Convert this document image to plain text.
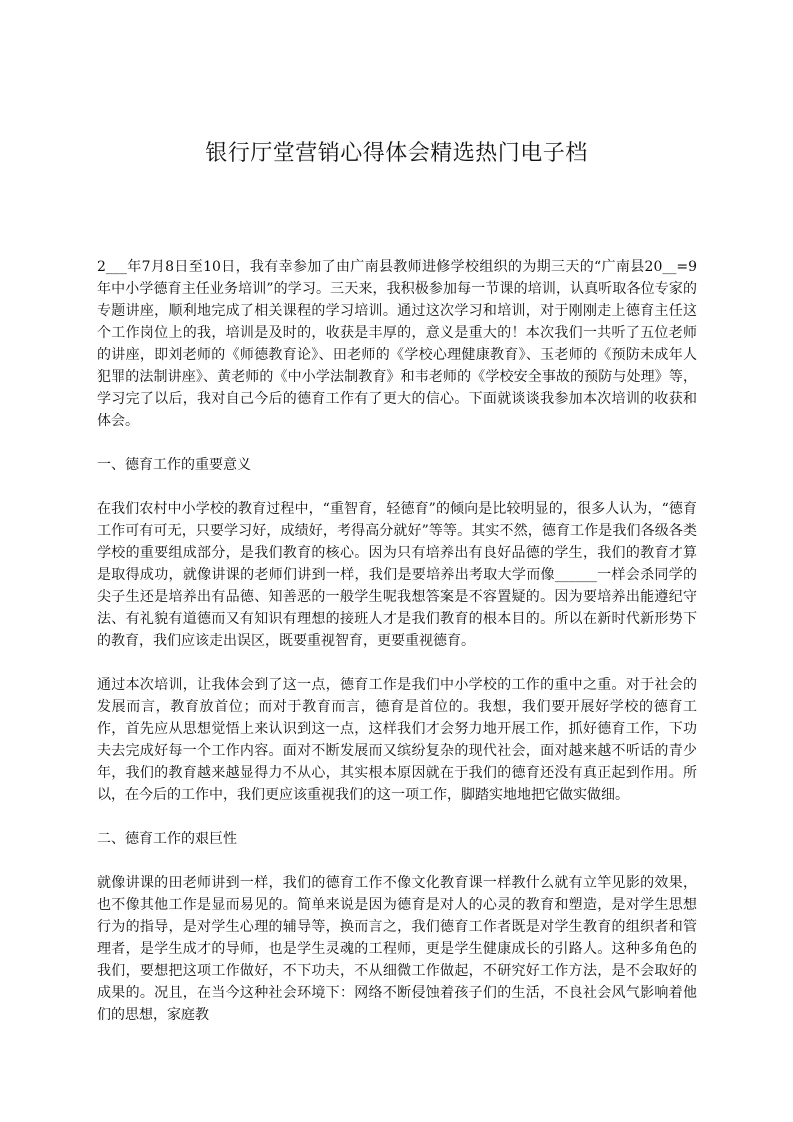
银行厅堂营销心得体会精选热门电子档

2___年7月8日至10日，我有幸参加了由广南县教师进修学校组织的为期三天的“广南县20__=9年中小学德育主任业务培训”的学习。三天来，我积极参加每一节课的培训，认真听取各位专家的专题讲座，顺利地完成了相关课程的学习培训。通过这次学习和培训，对于刚刚走上德育主任这个工作岗位上的我，培训是及时的，收获是丰厚的，意义是重大的！本次我们一共听了五位老师的讲座，即刘老师的《师德教育论》、田老师的《学校心理健康教育》、玉老师的《预防未成年人犯罪的法制讲座》、黄老师的《中小学法制教育》和韦老师的《学校安全事故的预防与处理》等，学习完了以后，我对自己今后的德育工作有了更大的信心。下面就谈谈我参加本次培训的收获和体会。

一、德育工作的重要意义

在我们农村中小学校的教育过程中，“重智育，轻德育”的倾向是比较明显的，很多人认为，“德育工作可有可无，只要学习好，成绩好，考得高分就好”等等。其实不然，德育工作是我们各级各类学校的重要组成部分，是我们教育的核心。因为只有培养出有良好品德的学生，我们的教育才算是取得成功，就像讲课的老师们讲到一样，我们是要培养出考取大学而像______一样会杀同学的尖子生还是培养出有品德、知善恶的一般学生呢我想答案是不容置疑的。因为要培养出能遵纪守法、有礼貌有道德而又有知识有理想的接班人才是我们教育的根本目的。所以在新时代新形势下的教育，我们应该走出误区，既要重视智育，更要重视德育。

通过本次培训，让我体会到了这一点，德育工作是我们中小学校的工作的重中之重。对于社会的发展而言，教育放首位；而对于教育而言，德育是首位的。我想，我们要开展好学校的德育工作，首先应从思想觉悟上来认识到这一点，这样我们才会努力地开展工作，抓好德育工作，下功夫去完成好每一个工作内容。面对不断发展而又缤纷复杂的现代社会，面对越来越不听话的青少年，我们的教育越来越显得力不从心，其实根本原因就在于我们的德育还没有真正起到作用。所以，在今后的工作中，我们更应该重视我们的这一项工作，脚踏实地地把它做实做细。

二、德育工作的艰巨性

就像讲课的田老师讲到一样，我们的德育工作不像文化教育课一样教什么就有立竿见影的效果，也不像其他工作是显而易见的。简单来说是因为德育是对人的心灵的教育和塑造，是对学生思想行为的指导，是对学生心理的辅导等，换而言之，我们德育工作者既是对学生教育的组织者和管理者，是学生成才的导师，也是学生灵魂的工程师，更是学生健康成长的引路人。这种多角色的我们，要想把这项工作做好，不下功夫，不从细微工作做起，不研究好工作方法，是不会取好的成果的。况且，在当今这种社会环境下：网络不断侵蚀着孩子们的生活，不良社会风气影响着他们的思想，家庭教
